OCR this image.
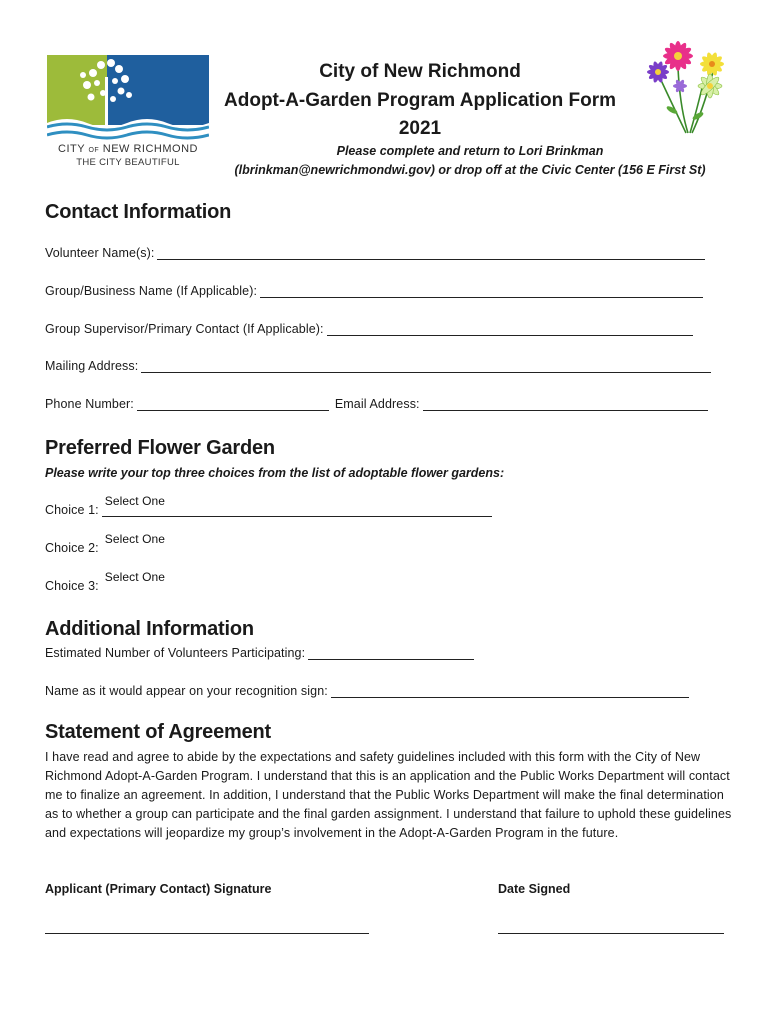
CITY OF NEW RICHMOND
THE CITY BEAUTIFUL
City of New Richmond
Adopt-A-Garden Program Application Form
2021
Please complete and return to Lori Brinkman
(lbrinkman@newrichmondwi.gov) or drop off at the Civic Center (156 E First St)
Contact Information
Volunteer Name(s):
Group/Business Name (If Applicable):
Group Supervisor/Primary Contact (If Applicable):
Mailing Address:
Phone Number:	Email Address:
Preferred Flower Garden
Please write your top three choices from the list of adoptable flower gardens:
Choice 1:
Select One
Choice 2:
Select One
Choice 3:
Select One
Additional Information
Estimated Number of Volunteers Participating:
Name as it would appear on your recognition sign:
Statement of Agreement
I have read and agree to abide by the expectations and safety guidelines included with this form with the City of New Richmond Adopt-A-Garden Program. I understand that this is an application and the Public Works Department will contact me to finalize an agreement. In addition, I understand that the Public Works Department will make the final determination as to whether a group can participate and the final garden assignment. I understand that failure to uphold these guidelines and expectations will jeopardize my group’s involvement in the Adopt-A-Garden Program in the future.
Applicant (Primary Contact) Signature	Date Signed
